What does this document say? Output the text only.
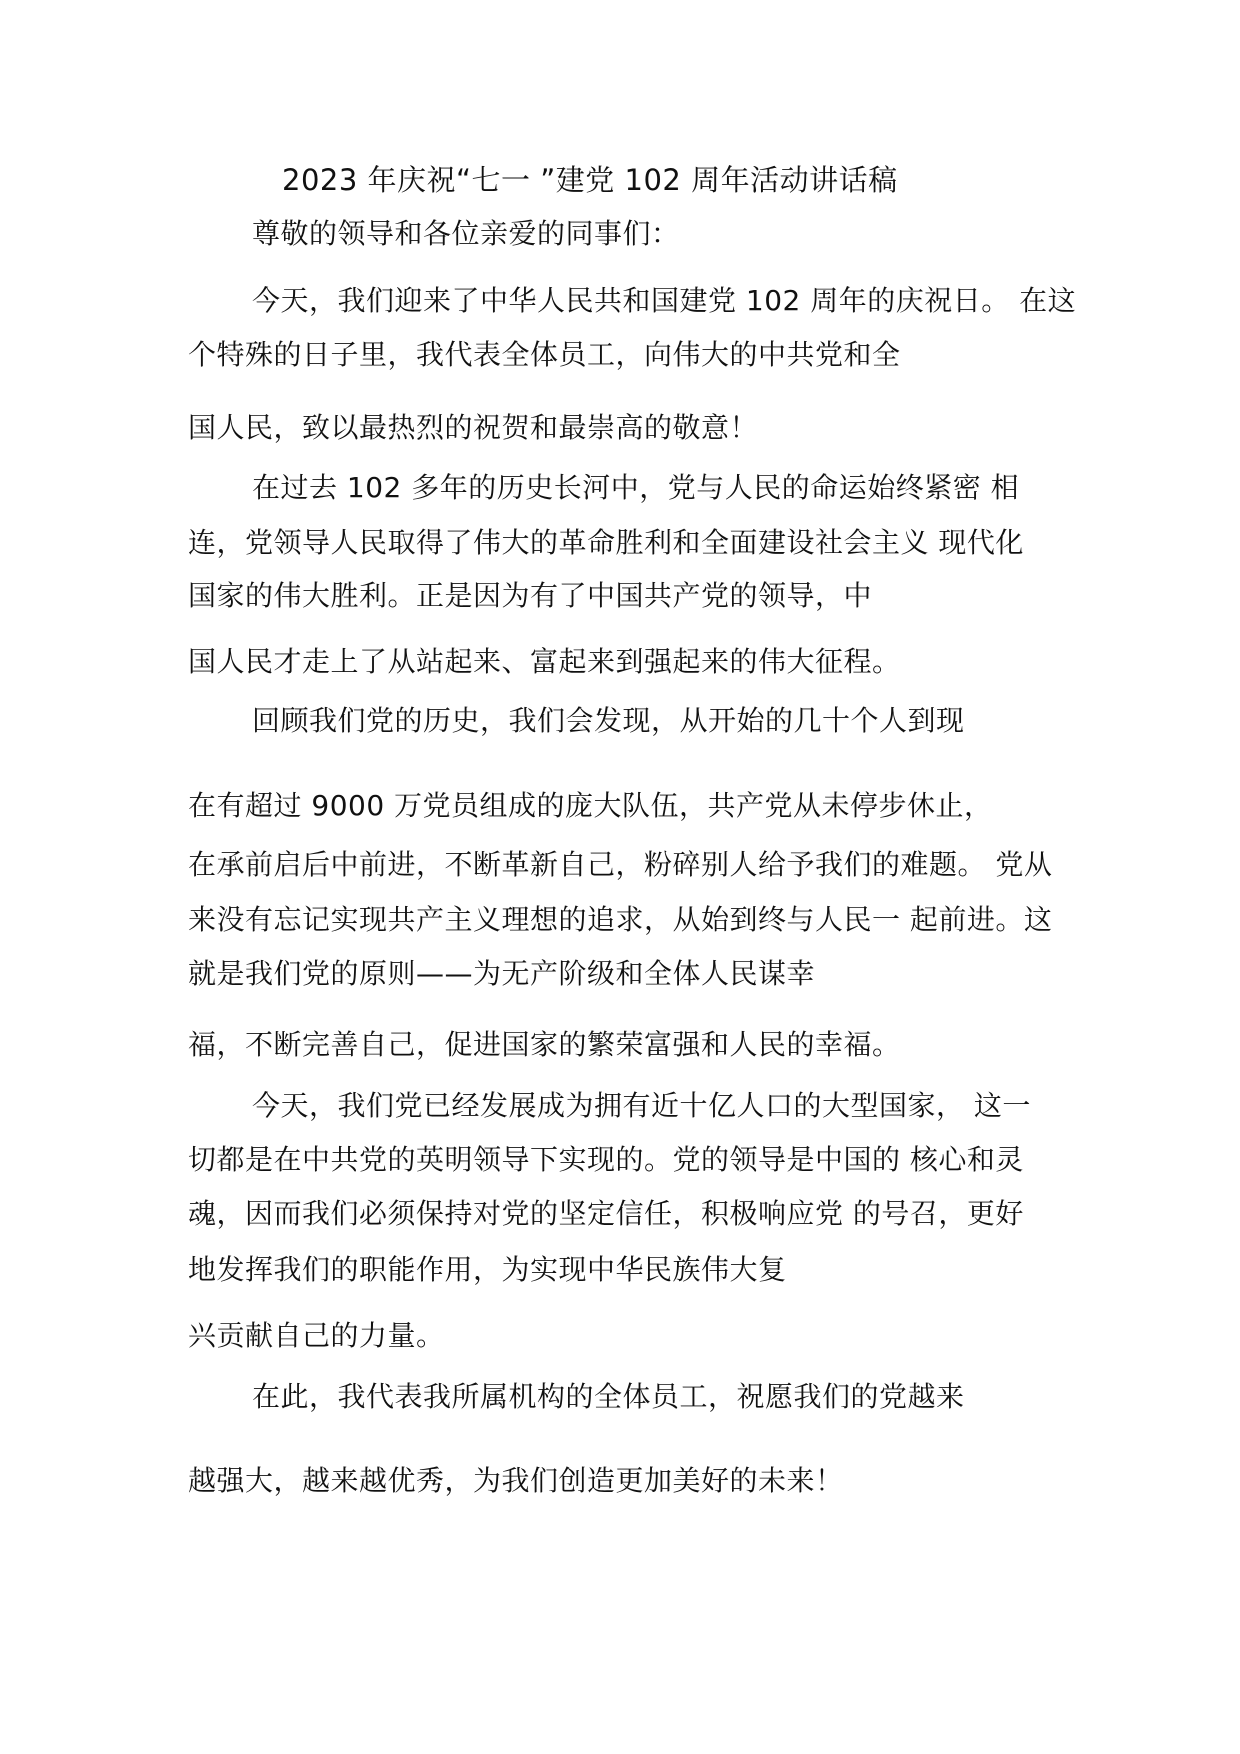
2023 年庆祝“七一 ”建党 102 周年活动讲话稿
尊敬的领导和各位亲爱的同事们：
今天，我们迎来了中华人民共和国建党 102 周年的庆祝日。 在这
个特殊的日子里，我代表全体员工，向伟大的中共党和全
国人民，致以最热烈的祝贺和最崇高的敬意！
在过去 102 多年的历史长河中，党与人民的命运始终紧密 相
连，党领导人民取得了伟大的革命胜利和全面建设社会主义 现代化
国家的伟大胜利。正是因为有了中国共产党的领导，中
国人民才走上了从站起来、富起来到强起来的伟大征程。
回顾我们党的历史，我们会发现，从开始的几十个人到现
在有超过 9000 万党员组成的庞大队伍，共产党从未停步休止，
在承前启后中前进，不断革新自己，粉碎别人给予我们的难题。 党从
来没有忘记实现共产主义理想的追求，从始到终与人民一 起前进。这
就是我们党的原则——为无产阶级和全体人民谋幸
福，不断完善自己，促进国家的繁荣富强和人民的幸福。
今天，我们党已经发展成为拥有近十亿人口的大型国家， 这一
切都是在中共党的英明领导下实现的。党的领导是中国的 核心和灵
魂，因而我们必须保持对党的坚定信任，积极响应党 的号召，更好
地发挥我们的职能作用，为实现中华民族伟大复
兴贡献自己的力量。
在此，我代表我所属机构的全体员工，祝愿我们的党越来
越强大，越来越优秀，为我们创造更加美好的未来！
